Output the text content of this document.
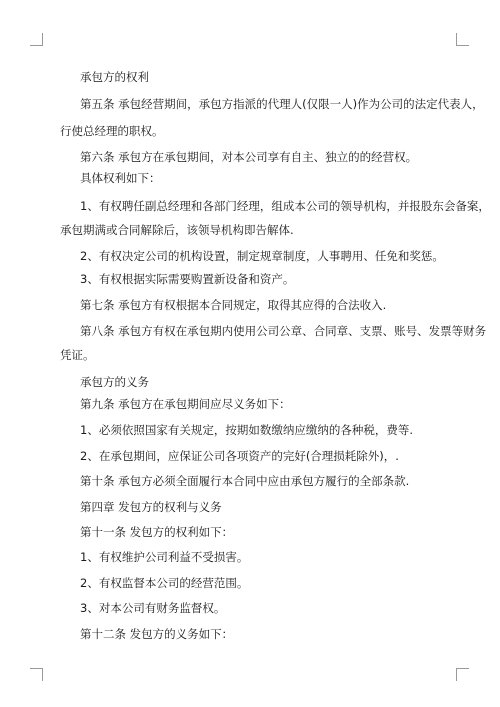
承包方的权利
第五条 承包经营期间，承包方指派的代理人(仅限一人)作为公司的法定代表人，
行使总经理的职权。
第六条 承包方在承包期间，对本公司享有自主、独立的的经营权。
具体权利如下：
1、有权聘任副总经理和各部门经理，组成本公司的领导机构，并报股东会备案，
承包期满或合同解除后，该领导机构即告解体.
2、有权决定公司的机构设置，制定规章制度，人事聘用、任免和奖惩。
3、有权根据实际需要购置新设备和资产。
第七条 承包方有权根据本合同规定，取得其应得的合法收入.
第八条 承包方有权在承包期内使用公司公章、合同章、支票、账号、发票等财务
凭证。
承包方的义务
第九条 承包方在承包期间应尽义务如下：
1、必须依照国家有关规定，按期如数缴纳应缴纳的各种税，费等.
2、在承包期间，应保证公司各项资产的完好(合理损耗除外)，.
第十条 承包方必须全面履行本合同中应由承包方履行的全部条款.
第四章 发包方的权利与义务
第十一条 发包方的权利如下：
1、有权维护公司利益不受损害。
2、有权监督本公司的经营范围。
3、对本公司有财务监督权。
第十二条 发包方的义务如下：
